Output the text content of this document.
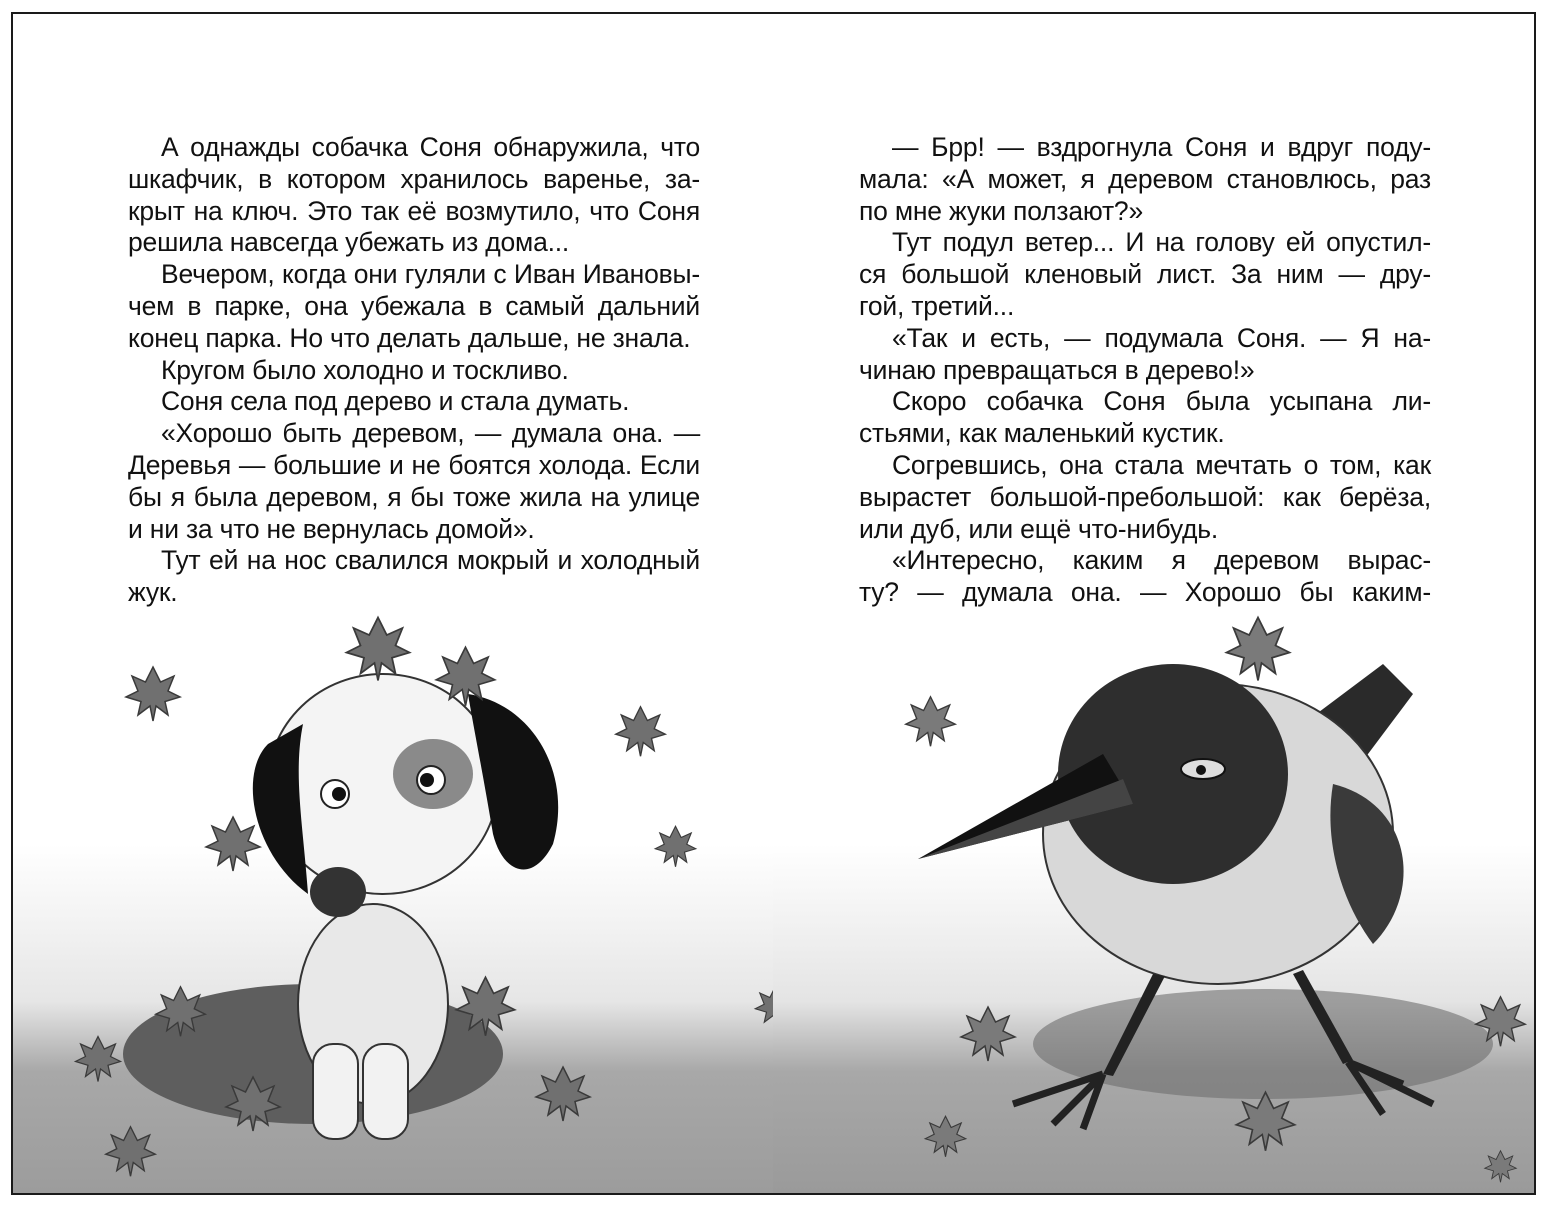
А однажды собачка Соня обнаружила, что
шкафчик, в котором хранилось варенье, за-
крыт на ключ. Это так её возмутило, что Соня
решила навсегда убежать из дома...
Вечером, когда они гуляли с Иван Ивановы-
чем в парке, она убежала в самый дальний
конец парка. Но что делать дальше, не знала.
Кругом было холодно и тоскливо.
Соня села под дерево и стала думать.
«Хорошо быть деревом, — думала она. —
Деревья — большие и не боятся холода. Если
бы я была деревом, я бы тоже жила на улице
и ни за что не вернулась домой».
Тут ей на нос свалился мокрый и холодный
жук.
— Брр! — вздрогнула Соня и вдруг поду-
мала: «А может, я деревом становлюсь, раз
по мне жуки ползают?»
Тут подул ветер... И на голову ей опустил-
ся большой кленовый лист. За ним — дру-
гой, третий...
«Так и есть, — подумала Соня. — Я на-
чинаю превращаться в дерево!»
Скоро собачка Соня была усыпана ли-
стьями, как маленький кустик.
Согревшись, она стала мечтать о том, как
вырастет большой-пребольшой: как берёза,
или дуб, или ещё что-нибудь.
«Интересно, каким я деревом вырас-
ту? — думала она. — Хорошо бы каким-
